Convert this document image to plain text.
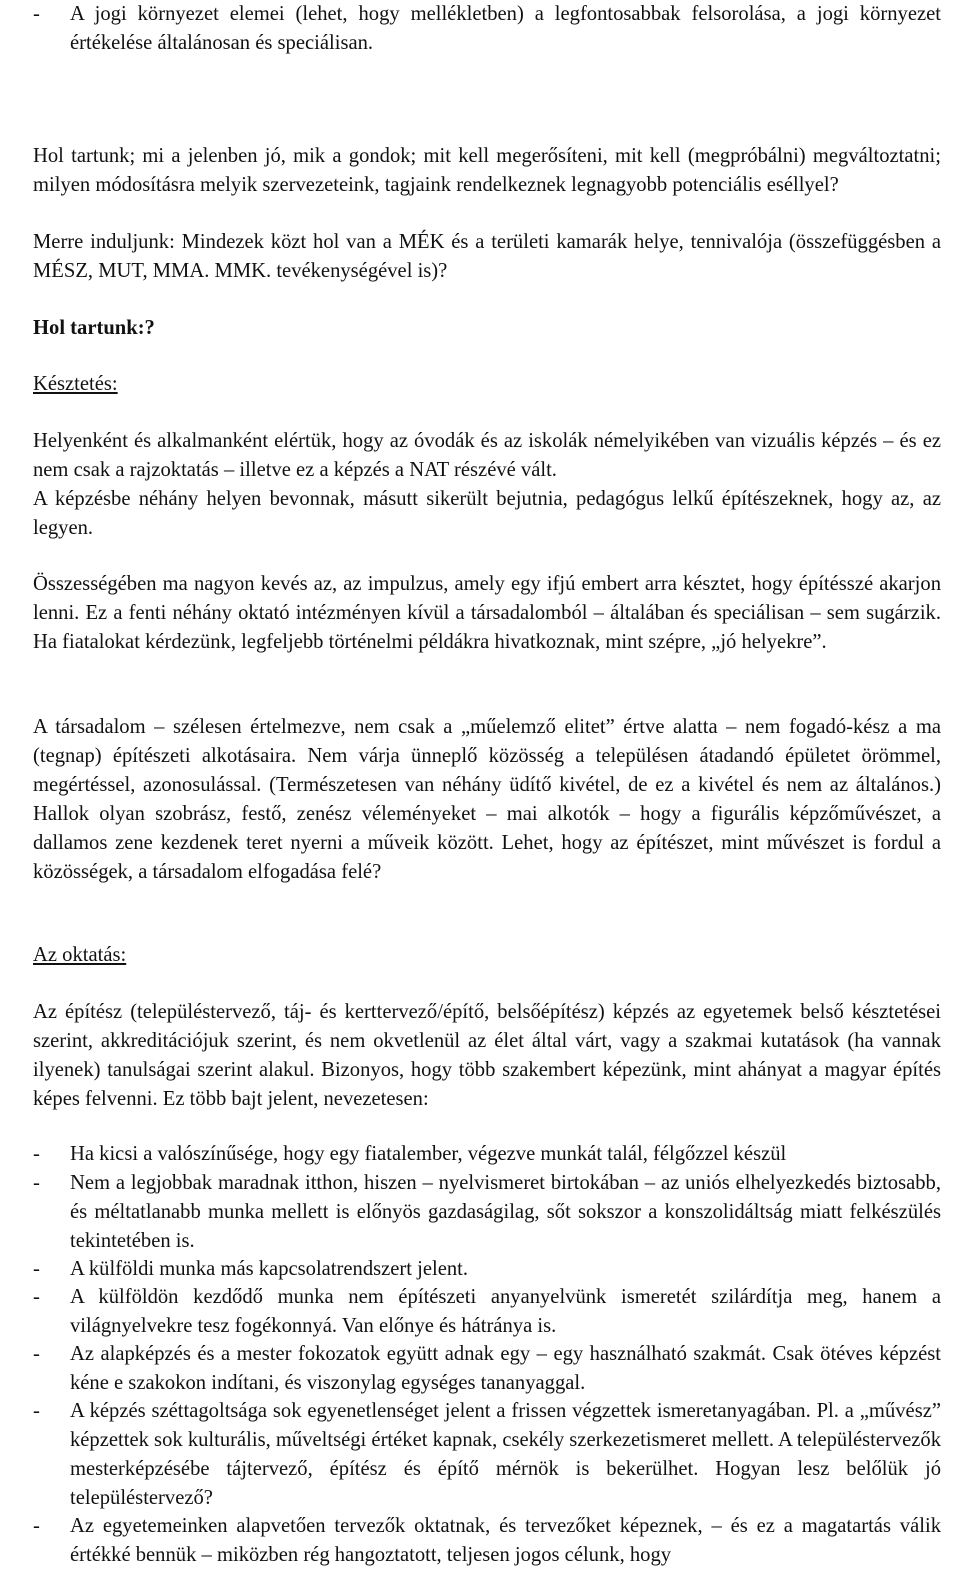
- A jogi környezet elemei (lehet, hogy mellékletben) a legfontosabbak felsorolása, a jogi környezet értékelése általánosan és speciálisan.

Hol tartunk; mi a jelenben jó, mik a gondok; mit kell megerősíteni, mit kell (megpróbálni) megváltoztatni; milyen módosításra melyik szervezeteink, tagjaink rendelkeznek legnagyobb potenciális eséllyel?

Merre induljunk: Mindezek közt hol van a MÉK és a területi kamarák helye, tennivalója (összefüggésben a MÉSZ, MUT, MMA. MMK. tevékenységével is)?

Hol tartunk:?

Késztetés:

Helyenként és alkalmanként elértük, hogy az óvodák és az iskolák némelyikében van vizuális képzés – és ez nem csak a rajzoktatás – illetve ez a képzés a NAT részévé vált.

A képzésbe néhány helyen bevonnak, másutt sikerült bejutnia, pedagógus lelkű építészeknek, hogy az, az legyen.

Összességében ma nagyon kevés az, az impulzus, amely egy ifjú embert arra késztet, hogy építésszé akarjon lenni. Ez a fenti néhány oktató intézményen kívül a társadalomból – általában és speciálisan – sem sugárzik. Ha fiatalokat kérdezünk, legfeljebb történelmi példákra hivatkoznak, mint szépre, „jó helyekre”.

A társadalom – szélesen értelmezve, nem csak a „műelemző elitet” értve alatta – nem fogadó-kész a ma (tegnap) építészeti alkotásaira. Nem várja ünneplő közösség a településen átadandó épületet örömmel, megértéssel, azonosulással. (Természetesen van néhány üdítő kivétel, de ez a kivétel és nem az általános.) Hallok olyan szobrász, festő, zenész véleményeket – mai alkotók – hogy a figurális képzőművészet, a dallamos zene kezdenek teret nyerni a műveik között. Lehet, hogy az építészet, mint művészet is fordul a közösségek, a társadalom elfogadása felé?

Az oktatás:

Az építész (településtervező, táj- és kerttervező/építő, belsőépítész) képzés az egyetemek belső késztetései szerint, akkreditációjuk szerint, és nem okvetlenül az élet által várt, vagy a szakmai kutatások (ha vannak ilyenek) tanulságai szerint alakul. Bizonyos, hogy több szakembert képezünk, mint ahányat a magyar építés képes felvenni. Ez több bajt jelent, nevezetesen:

- Ha kicsi a valószínűsége, hogy egy fiatalember, végezve munkát talál, félgőzzel készül
- Nem a legjobbak maradnak itthon, hiszen – nyelvismeret birtokában – az uniós elhelyezkedés biztosabb, és méltatlanabb munka mellett is előnyös gazdaságilag, sőt sokszor a konszolidáltság miatt felkészülés tekintetében is.
- A külföldi munka más kapcsolatrendszert jelent.
- A külföldön kezdődő munka nem építészeti anyanyelvünk ismeretét szilárdítja meg, hanem a világnyelvekre tesz fogékonnyá. Van előnye és hátránya is.
- Az alapképzés és a mester fokozatok együtt adnak egy – egy használható szakmát. Csak ötéves képzést kéne e szakokon indítani, és viszonylag egységes tananyaggal.
- A képzés széttagoltsága sok egyenetlenséget jelent a frissen végzettek ismeretanyagában. Pl. a „művész” képzettek sok kulturális, műveltségi értéket kapnak, csekély szerkezetismeret mellett. A településtervezők mesterképzésébe tájtervező, építész és építő mérnök is bekerülhet. Hogyan lesz belőlük jó településtervező?
- Az egyetemeinken alapvetően tervezők oktatnak, és tervezőket képeznek, – és ez a magatartás válik értékké bennük – miközben rég hangoztatott, teljesen jogos célunk, hogy
